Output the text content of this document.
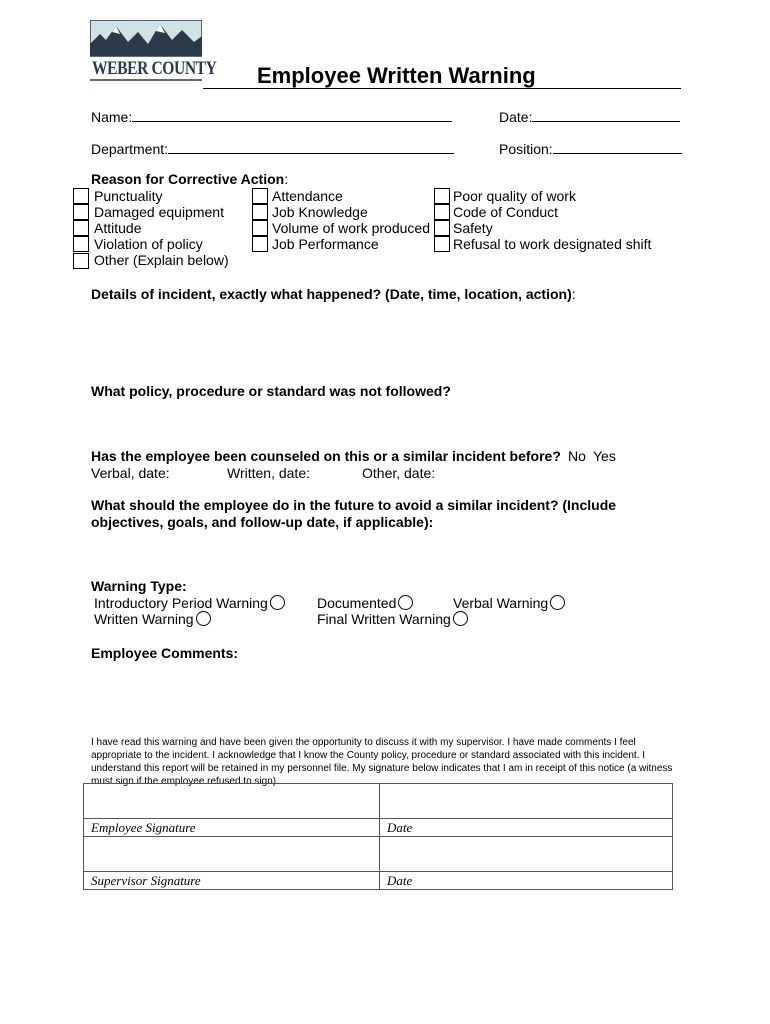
WEBER COUNTY Employee Written Warning
Name:	Date:
Department:	Position:
Reason for Corrective Action:
Punctuality
Damaged equipment
Attitude
Violation of policy
Other (Explain below)
Attendance
Job Knowledge
Volume of work produced
Job Performance
Poor quality of work
Code of Conduct
Safety
Refusal to work designated shift
Details of incident, exactly what happened? (Date, time, location, action):
What policy, procedure or standard was not followed?
Has the employee been counseled on this or a similar incident before? No Yes
Verbal, date:	Written, date:	Other, date:
What should the employee do in the future to avoid a similar incident? (Include
objectives, goals, and follow-up date, if applicable):
Warning Type:
Introductory Period Warning	Documented	Verbal Warning
Written Warning	Final Written Warning
Employee Comments:
I have read this warning and have been given the opportunity to discuss it with my supervisor. I have made comments I feel appropriate to the incident. I acknowledge that I know the County policy, procedure or standard associated with this incident. I understand this report will be retained in my personnel file. My signature below indicates that I am in receipt of this notice (a witness must sign if the employee refused to sign).

Employee Signature	Date

Supervisor Signature	Date
